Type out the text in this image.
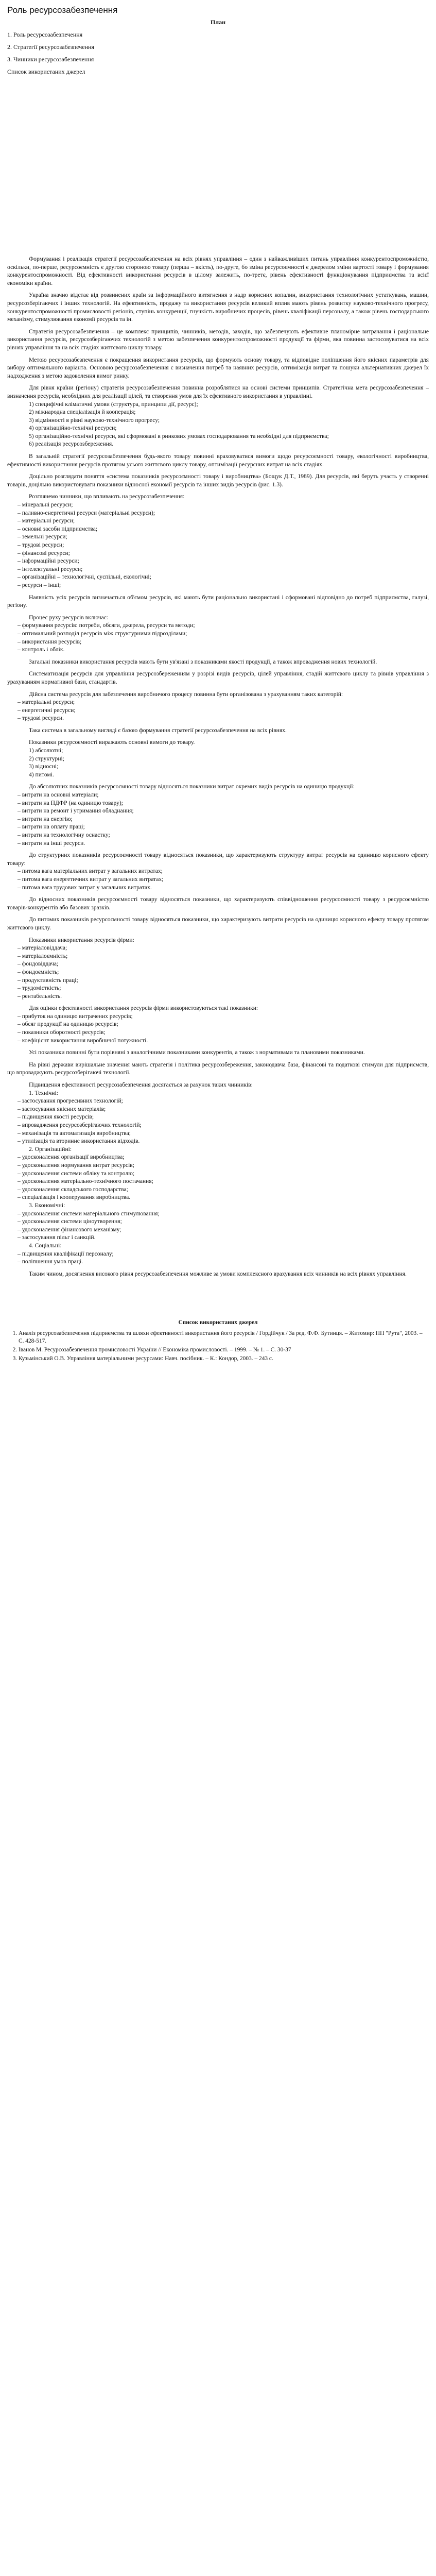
Роль ресурсозабезпечення
План
1. Роль ресурсозабезпечення
2. Стратегії ресурсозабезпечення
3. Чинники ресурсозабезпечення
Список використаних джерел

Формування і реалізація стратегії ресурсозабезпечення на всіх рівнях управління – один з найважливіших питань управління конкурентоспроможністю, оскільки, по-перше, ресурсоємність є другою стороною товару (перша – якість), по-друге, бо зміна ресурсоємності є джерелом зміни вартості товару і формування конкурентоспроможності. Від ефективності використання ресурсів в цілому залежить, по-третє, рівень ефективності функціонування підприємства та всієї економіки країни.

Україна значно відстає від розвинених країн за інформаційного витягнення з надр корисних копалин, використання технологічних устаткувань, машин, ресурсозберігаючих і інших технологій. На ефективність, продажу та використання ресурсів великий вплив мають рівень розвитку науково-технічного прогресу, конкурентоспроможності промисловості регіонів, ступінь конкуренції, гнучкість виробничих процесів, рівень кваліфікації персоналу, а також рівень господарського механізму, стимулювання економії ресурсів та ін.

Стратегія ресурсозабезпечення – це комплекс принципів, чинників, методів, заходів, що забезпечують ефективне планомірне витрачання і раціональне використання ресурсів, ресурсозберігаючих технологій з метою забезпечення конкурентоспроможності продукції та фірми, яка повинна застосовуватися на всіх рівнях управління та на всіх стадіях життєвого циклу товару.

Метою ресурсозабезпечення є покращення використання ресурсів, що формують основу товару, та відповідне поліпшення його якісних параметрів для вибору оптимального варіанта. Основою ресурсозабезпечення є визначення потреб та наявних ресурсів, оптимізація витрат та пошуки альтернативних джерел їх надходження з метою задоволення вимог ринку.

Для рівня країни (регіону) стратегія ресурсозабезпечення повинна розроблятися на основі системи принципів. Стратегічна мета ресурсозабезпечення – визначення ресурсів, необхідних для реалізації цілей, та створення умов для їх ефективного використання в управлінні.

1) специфічні кліматичні умови (структура, принципи дії, ресурс);

2) міжнародна спеціалізація й кооперація;

3) відмінності в рівні науково-технічного прогресу;

4) організаційно-технічні ресурси;

5) організаційно-технічні ресурси, які сформовані в ринкових умовах господарювання та необхідні для підприємства;

6) реалізація ресурсозбереження.

В загальній стратегії ресурсозабезпечення будь-якого товару повинні враховуватися вимоги щодо ресурсоємності товару, екологічності виробництва, ефективності використання ресурсів протягом усього життєвого циклу товару, оптимізації ресурсних витрат на всіх стадіях.

Доцільно розглядати поняття «система показників ресурсоємності товару і виробництва» (Бощук Д.Т., 1989). Для ресурсів, які беруть участь у створенні товарів, доцільно використовувати показники відносної економії ресурсів та інших видів ресурсів (рис. 1.3).

Розглянемо чинники, що впливають на ресурсозабезпечення:

– мінеральні ресурси;

– паливно-енергетичні ресурси (матеріальні ресурси);

– матеріальні ресурси;

– основні засоби підприємства;

– земельні ресурси;

– трудові ресурси;

– фінансові ресурси;

– інформаційні ресурси;

– інтелектуальні ресурси;

– організаційні – технологічні, суспільні, екологічні;

– ресурси – інші;

Наявність усіх ресурсів визначається об'ємом ресурсів, які мають бути раціонально використані і сформовані відповідно до потреб підприємства, галузі, регіону.

Процес руху ресурсів включає:

– формування ресурсів: потреби, обсяги, джерела, ресурси та методи;

– оптимальний розподіл ресурсів між структурними підрозділами;

– використання ресурсів;

– контроль і облік.

Загальні показники використання ресурсів мають бути ув'язані з показниками якості продукції, а також впровадження нових технологій.

Систематизація ресурсів для управління ресурсозбереженням у розрізі видів ресурсів, цілей управління, стадій життєвого циклу та рівнів управління з урахуванням нормативної бази, стандартів.

Дійсна система ресурсів для забезпечення виробничого процесу повинна бути організована з урахуванням таких категорій:

– матеріальні ресурси;

– енергетичні ресурси;

– трудові ресурси.

Така система в загальному вигляді є базою формування стратегії ресурсозабезпечення на всіх рівнях.

Показники ресурсоємності виражають основні вимоги до товару.

1) абсолютні;

2) структурні;

3) відносні;

4) питомі.

До абсолютних показників ресурсоємності товару відносяться показники витрат окремих видів ресурсів на одиницю продукції:

– витрати на основні матеріали;

– витрати на ПДФР (на одиницю товару);

– витрати на ремонт і утримання обладнання;

– витрати на енергію;

– витрати на оплату праці;

– витрати на технологічну оснастку;

– витрати на інші ресурси.

До структурних показників ресурсоємності товару відносяться показники, що характеризують структуру витрат ресурсів на одиницю корисного ефекту товару:

– питома вага матеріальних витрат у загальних витратах;

– питома вага енергетичних витрат у загальних витратах;

– питома вага трудових витрат у загальних витратах.

До відносних показників ресурсоємності товару відносяться показники, що характеризують співвідношення ресурсоємності товару з ресурсоємністю товарів-конкурентів або базових зразків.

До питомих показників ресурсоємності товару відносяться показники, що характеризують витрати ресурсів на одиницю корисного ефекту товару протягом життєвого циклу.

Показники використання ресурсів фірми:

– матеріаловіддача;

– матеріалоємність;

– фондовіддача;

– фондоємність;

– продуктивність праці;

– трудомісткість;

– рентабельність.

Для оцінки ефективності використання ресурсів фірми використовуються такі показники:

– прибуток на одиницю витрачених ресурсів;

– обсяг продукції на одиницю ресурсів;

– показники оборотності ресурсів;

– коефіцієнт використання виробничої потужності.

Усі показники повинні бути порівняні з аналогічними показниками конкурентів, а також з нормативами та плановими показниками.

На рівні держави вирішальне значення мають стратегія і політика ресурсозбереження, законодавча база, фінансові та податкові стимули для підприємств, що впроваджують ресурсозберігаючі технології.

Підвищення ефективності ресурсозабезпечення досягається за рахунок таких чинників:

1. Технічні:

– застосування прогресивних технологій;

– застосування якісних матеріалів;

– підвищення якості ресурсів;

– впровадження ресурсозберігаючих технологій;

– механізація та автоматизація виробництва;

– утилізація та вторинне використання відходів.

2. Організаційні:

– удосконалення організації виробництва;

– удосконалення нормування витрат ресурсів;

– удосконалення системи обліку та контролю;

– удосконалення матеріально-технічного постачання;

– удосконалення складського господарства;

– спеціалізація і кооперування виробництва.

3. Економічні:

– удосконалення системи матеріального стимулювання;

– удосконалення системи ціноутворення;

– удосконалення фінансового механізму;

– застосування пільг і санкцій.

4. Соціальні:

– підвищення кваліфікації персоналу;

– поліпшення умов праці.

Таким чином, досягнення високого рівня ресурсозабезпечення можливе за умови комплексного врахування всіх чинників на всіх рівнях управління.

Список використаних джерел
1. Аналіз ресурсозабезпечення підприємства та шляхи ефективності використання його ресурсів / Гордійчук / За ред. Ф.Ф. Бутинця. – Житомир: ПП "Рута", 2003. – С. 428-517.
2. Іванов М. Ресурсозабезпечення промисловості України // Економіка промисловості. – 1999. – № 1. – С. 30-37
3. Кузьмінський О.В. Управління матеріальними ресурсами: Навч. посібник. – К.: Кондор, 2003. – 243 с.
